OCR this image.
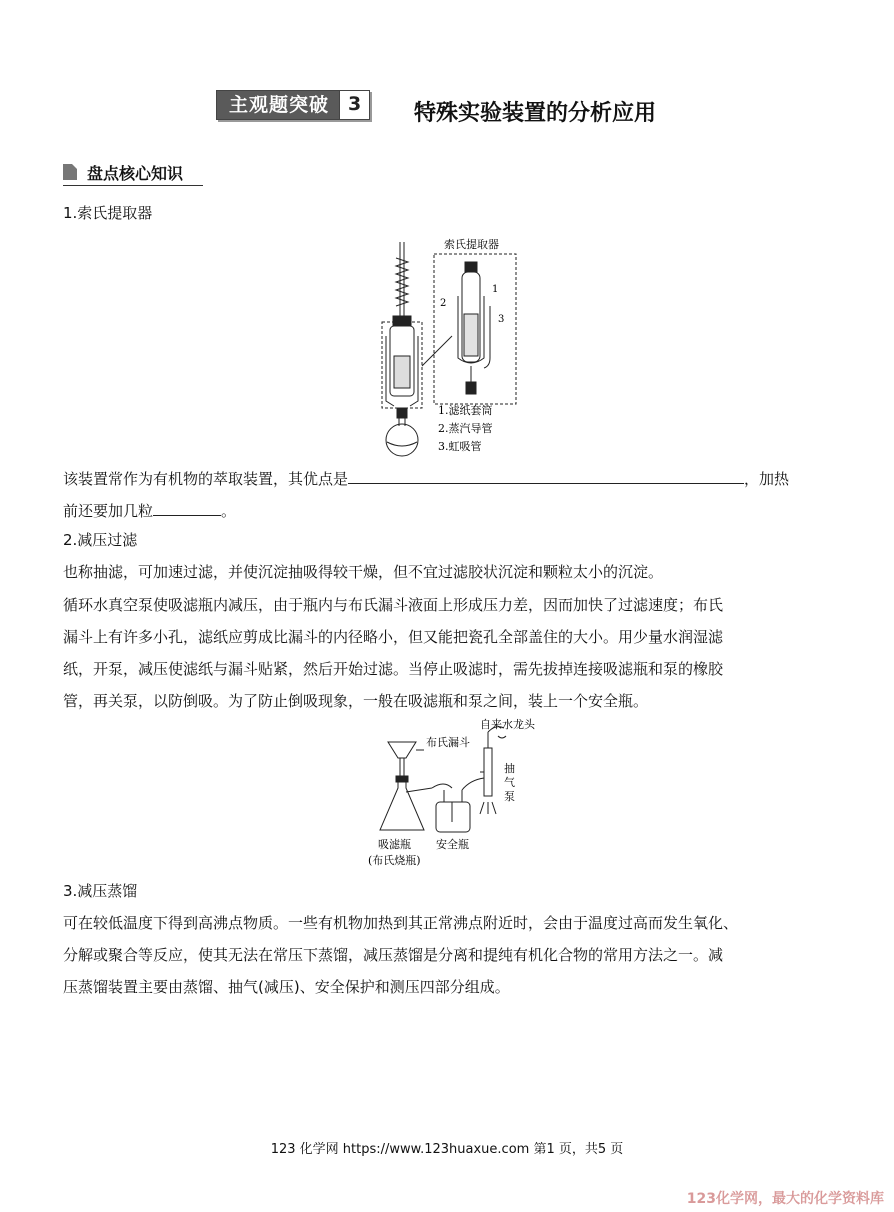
主观题突破	3	特殊实验装置的分析应用
盘点核心知识
1.索氏提取器
索氏提取器
1
2
3
1.滤纸套筒
2.蒸汽导管
3.虹吸管
该装置常作为有机物的萃取装置，其优点是	，加热
前还要加几粒	。
2.减压过滤
也称抽滤，可加速过滤，并使沉淀抽吸得较干燥，但不宜过滤胶状沉淀和颗粒太小的沉淀。
循环水真空泵使吸滤瓶内减压，由于瓶内与布氏漏斗液面上形成压力差，因而加快了过滤速度；布氏
漏斗上有许多小孔，滤纸应剪成比漏斗的内径略小，但又能把瓷孔全部盖住的大小。用少量水润湿滤
纸，开泵，减压使滤纸与漏斗贴紧，然后开始过滤。当停止吸滤时，需先拔掉连接吸滤瓶和泵的橡胶
管，再关泵，以防倒吸。为了防止倒吸现象，一般在吸滤瓶和泵之间，装上一个安全瓶。
自来水龙头
布氏漏斗
抽
气
泵
吸滤瓶
(布氏烧瓶)
安全瓶
3.减压蒸馏
可在较低温度下得到高沸点物质。一些有机物加热到其正常沸点附近时，会由于温度过高而发生氧化、
分解或聚合等反应，使其无法在常压下蒸馏，减压蒸馏是分离和提纯有机化合物的常用方法之一。减
压蒸馏装置主要由蒸馏、抽气(减压)、安全保护和测压四部分组成。
123 化学网 https://www.123huaxue.com 第1 页，共5 页
123化学网，最大的化学资料库
